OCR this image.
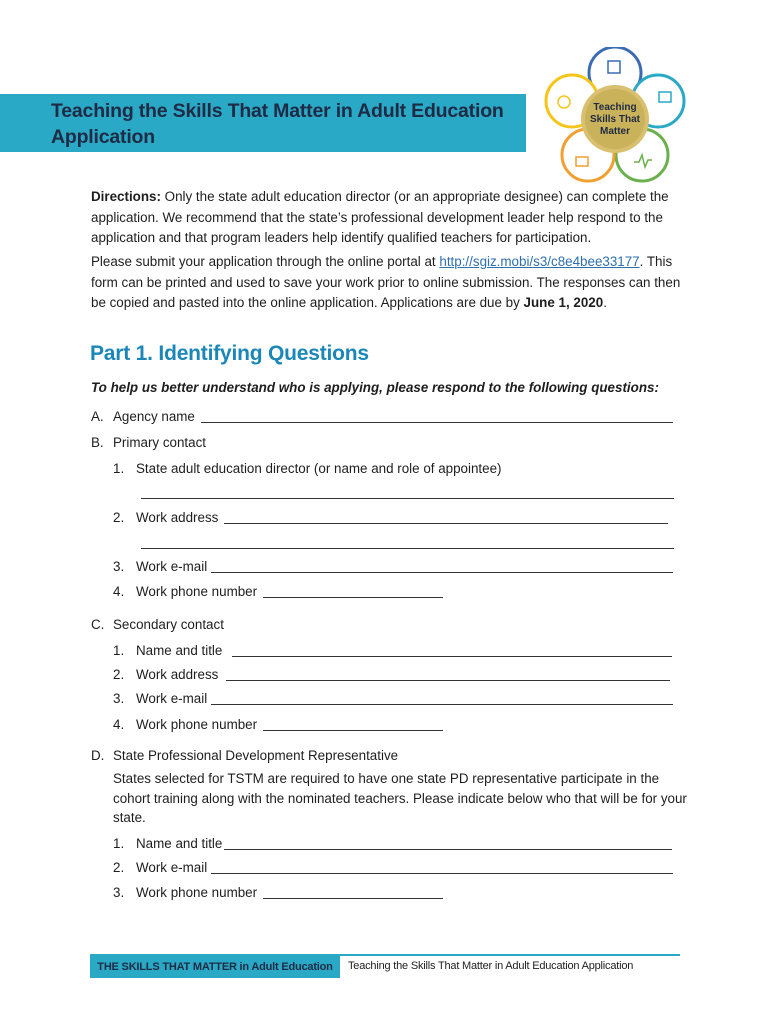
Teaching the Skills That Matter in Adult Education Application
Teaching
Skills That
Matter
Directions: Only the state adult education director (or an appropriate designee) can complete the application. We recommend that the state’s professional development leader help respond to the application and that program leaders help identify qualified teachers for participation.
Please submit your application through the online portal at http://sgiz.mobi/s3/c8e4bee33177. This form can be printed and used to save your work prior to online submission. The responses can then be copied and pasted into the online application. Applications are due by June 1, 2020.
Part 1. Identifying Questions
To help us better understand who is applying, please respond to the following questions:
A. Agency name
B. Primary contact
1. State adult education director (or name and role of appointee)
2. Work address
3. Work e-mail
4. Work phone number
C. Secondary contact
1. Name and title
2. Work address
3. Work e-mail
4. Work phone number
D. State Professional Development Representative
States selected for TSTM are required to have one state PD representative participate in the cohort training along with the nominated teachers. Please indicate below who that will be for your state.
1. Name and title
2. Work e-mail
3. Work phone number
THE SKILLS THAT MATTER in Adult Education	Teaching the Skills That Matter in Adult Education Application
